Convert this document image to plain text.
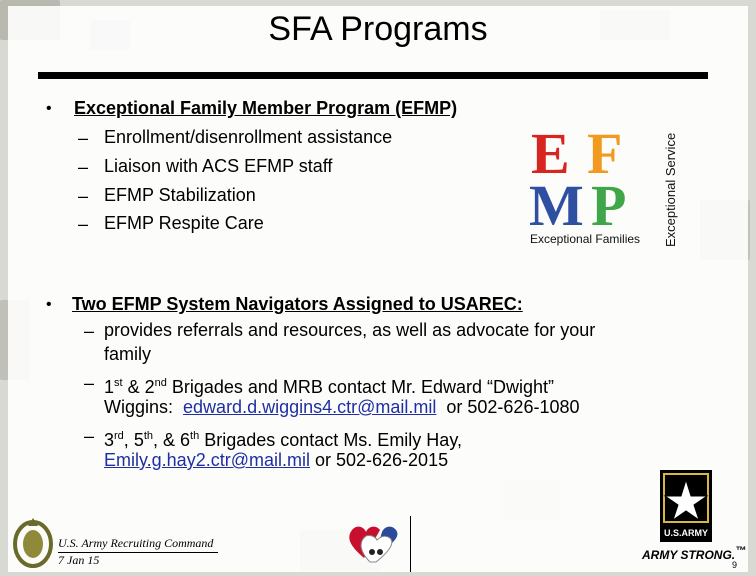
SFA Programs
• Exceptional Family Member Program (EFMP)
– Enrollment/disenrollment assistance
– Liaison with ACS EFMP staff
– EFMP Stabilization
– EFMP Respite Care
E F
M P
Exceptional Families Exceptional Service
• Two EFMP System Navigators Assigned to USAREC:
– provides referrals and resources, as well as advocate for your
family
– 1st & 2nd Brigades and MRB contact Mr. Edward “Dwight”
Wiggins:  edward.d.wiggins4.ctr@mail.mil  or 502-626-1080
– 3rd, 5th, & 6th Brigades contact Ms. Emily Hay,
Emily.g.hay2.ctr@mail.mil or 502-626-2015
U.S. Army Recruiting Command
7 Jan 15
U.S.ARMY
ARMY STRONG.™
9
